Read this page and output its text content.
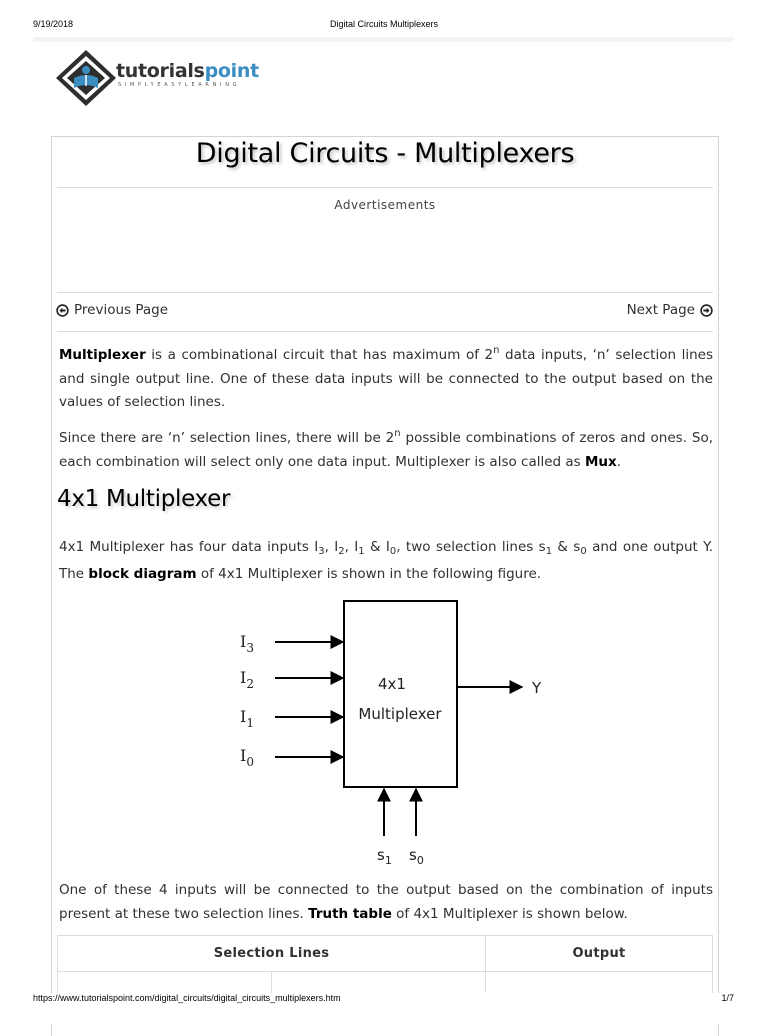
9/19/2018	Digital Circuits Multiplexers
tutorialspoint
SIMPLYEASYLEARNING
Digital Circuits - Multiplexers
Advertisements
Previous Page	Next Page

Multiplexer is a combinational circuit that has maximum of 2$^n$ data inputs, ‘n’ selection lines and single output line. One of these data inputs will be connected to the output based on the values of selection lines.

Since there are ‘n’ selection lines, there will be 2$^n$ possible combinations of zeros and ones. So, each combination will select only one data input. Multiplexer is also called as Mux.

4x1 Multiplexer

4x1 Multiplexer has four data inputs $I_3$, $I_2$, $I_1$ & $I_0$, two selection lines $s_1$ & $s_0$ and one output Y. The block diagram of 4x1 Multiplexer is shown in the following figure.

4x1
Multiplexer
$I_3$
$I_2$
$I_1$
$I_0$
Y
$s_1$ $s_0$

One of these 4 inputs will be connected to the output based on the combination of inputs present at these two selection lines. Truth table of 4x1 Multiplexer is shown below.

Selection Lines		Output

https://www.tutorialspoint.com/digital_circuits/digital_circuits_multiplexers.htm	1/7
